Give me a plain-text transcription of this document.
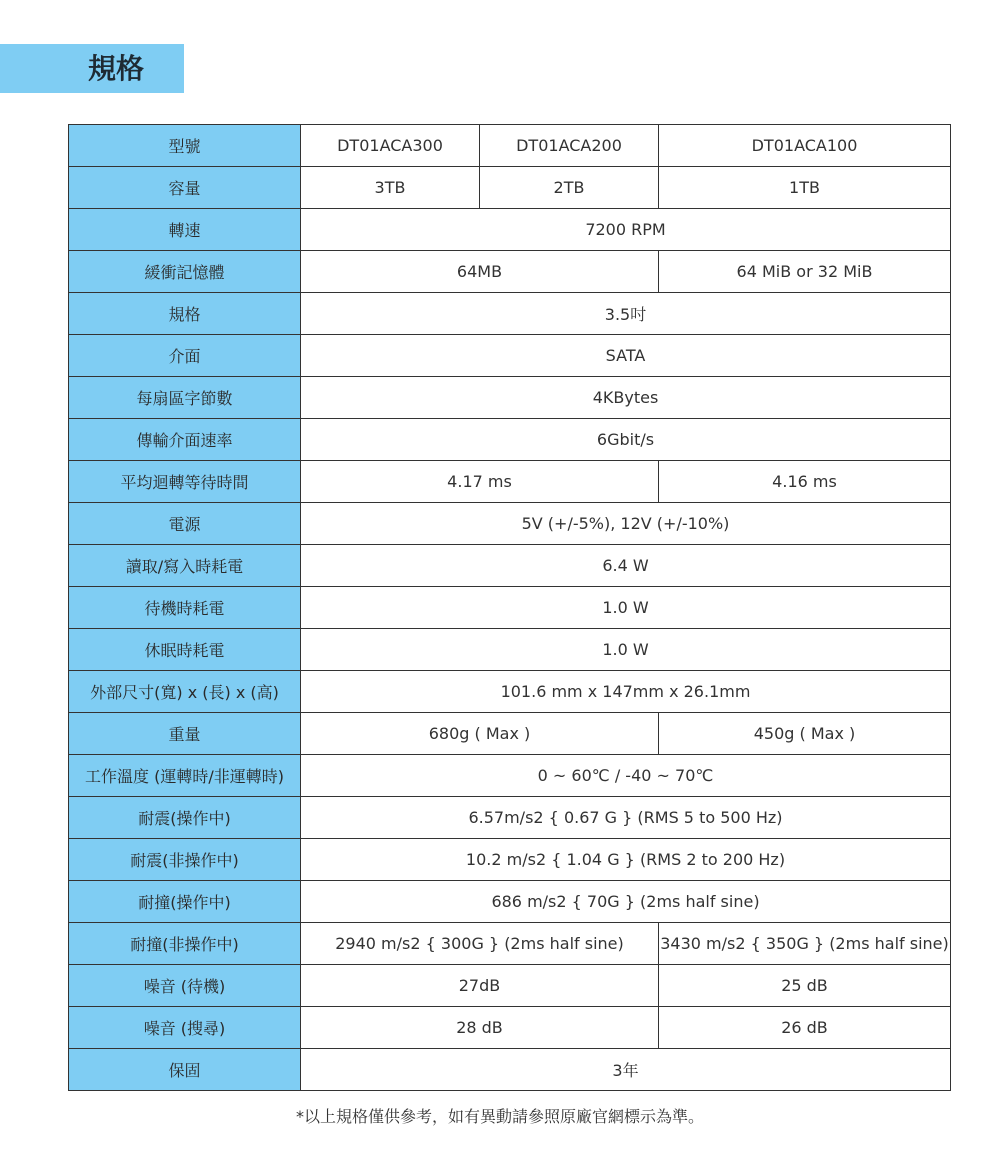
規格
型號	DT01ACA300	DT01ACA200	DT01ACA100
容量	3TB	2TB	1TB
轉速	7200 RPM		
緩衝記憶體	64MB		64 MiB or 32 MiB
規格	3.5吋		
介面	SATA		
每扇區字節數	4KBytes		
傳輸介面速率	6Gbit/s		
平均迴轉等待時間	4.17 ms		4.16 ms
電源	5V (+/-5%), 12V (+/-10%)		
讀取/寫入時耗電	6.4 W		
待機時耗電	1.0 W		
休眠時耗電	1.0 W		
外部尺寸(寬) x (長) x (高)	101.6 mm x 147mm x 26.1mm		
重量	680g ( Max )		450g ( Max )
工作溫度 (運轉時/非運轉時)	0 ~ 60℃ / -40 ~ 70℃		
耐震(操作中)	6.57m/s2 { 0.67 G } (RMS 5 to 500 Hz)		
耐震(非操作中)	10.2 m/s2 { 1.04 G } (RMS 2 to 200 Hz)		
耐撞(操作中)	686 m/s2 { 70G } (2ms half sine)		
耐撞(非操作中)	2940 m/s2 { 300G } (2ms half sine)		3430 m/s2 { 350G } (2ms half sine)
噪音 (待機)	27dB		25 dB
噪音 (搜尋)	28 dB		26 dB
保固	3年		
*以上規格僅供參考，如有異動請參照原廠官網標示為準。
